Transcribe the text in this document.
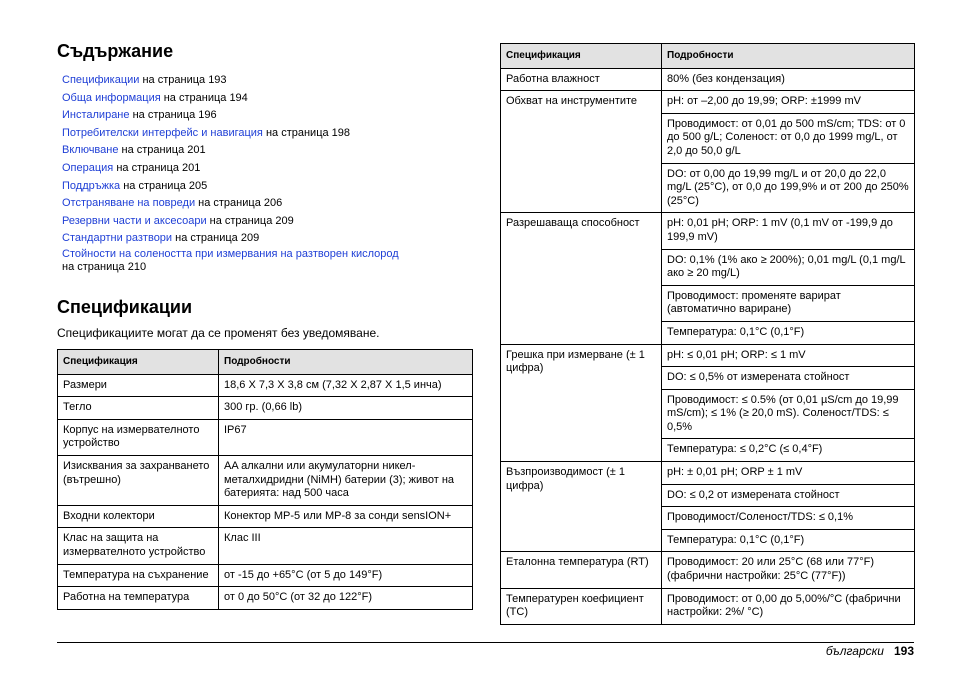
Съдържание
Спецификации на страница 193
Обща информация на страница 194
Инсталиране на страница 196
Потребителски интерфейс и навигация на страница 198
Включване на страница 201
Операция на страница 201
Поддръжка на страница 205
Отстраняване на повреди на страница 206
Резервни части и аксесоари на страница 209
Стандартни разтвори на страница 209
Стойности на солеността при измервания на разтворен кислород
на страница 210
Спецификации
Спецификациите могат да се променят без уведомяване.
Спецификация	Подробности
Размери	18,6 X 7,3 X 3,8 см (7,32 X 2,87 X 1,5 инча)
Тегло	300 гр. (0,66 lb)
Корпус на измервателното устройство	IP67
Изисквания за захранването (вътрешно)	AA алкални или акумулаторни никел-металхидридни (NiMH) батерии (3); живот на батерията: над 500 часа
Входни колектори	Конектор MP-5 или MP-8 за сонди sensION+
Клас на защита на измервателното устройство	Клас III
Температура на съхранение	от -15 до +65°C (от 5 до 149°F)
Работна на температура	от 0 до 50°C (от 32 до 122°F)
Спецификация	Подробности
Работна влажност	80% (без кондензация)
Обхват на инструментите	pH: от –2,00 до 19,99; ORP: ±1999 mV
	Проводимост: от 0,01 до 500 mS/cm; TDS: от 0 до 500 g/L; Соленост: от 0,0 до 1999 mg/L, от 2,0 до 50,0 g/L
	DO: от 0,00 до 19,99 mg/L и от 20,0 до 22,0 mg/L (25°C), от 0,0 до 199,9% и от 200 до 250% (25°C)
Разрешаваща способност	pH: 0,01 pH; ORP: 1 mV (0,1 mV от -199,9 до 199,9 mV)
	DO: 0,1% (1% ако ≥ 200%); 0,01 mg/L (0,1 mg/L ако ≥ 20 mg/L)
	Проводимост: променяте варират (автоматично вариране)
	Температура: 0,1°C (0,1°F)
Грешка при измерване (± 1 цифра)	pH: ≤ 0,01 pH; ORP: ≤ 1 mV
	DO: ≤ 0,5% от измерената стойност
	Проводимост: ≤ 0.5% (от 0,01 µS/cm до 19,99 mS/cm); ≤ 1% (≥ 20,0 mS). Соленост/TDS: ≤ 0,5%
	Температура: ≤ 0,2°C (≤ 0,4°F)
Възпроизводимост (± 1 цифра)	pH: ± 0,01 pH; ORP ± 1 mV
	DO: ≤ 0,2 от измерената стойност
	Проводимост/Соленост/TDS: ≤ 0,1%
	Температура: 0,1°C (0,1°F)
Еталонна температура (RT)	Проводимост: 20 или 25°C (68 или 77°F) (фабрични настройки: 25°C (77°F))
Температурен коефициент (TC)	Проводимост: от 0,00 до 5,00%/°C (фабрични настройки: 2%/ °C)
български 193
